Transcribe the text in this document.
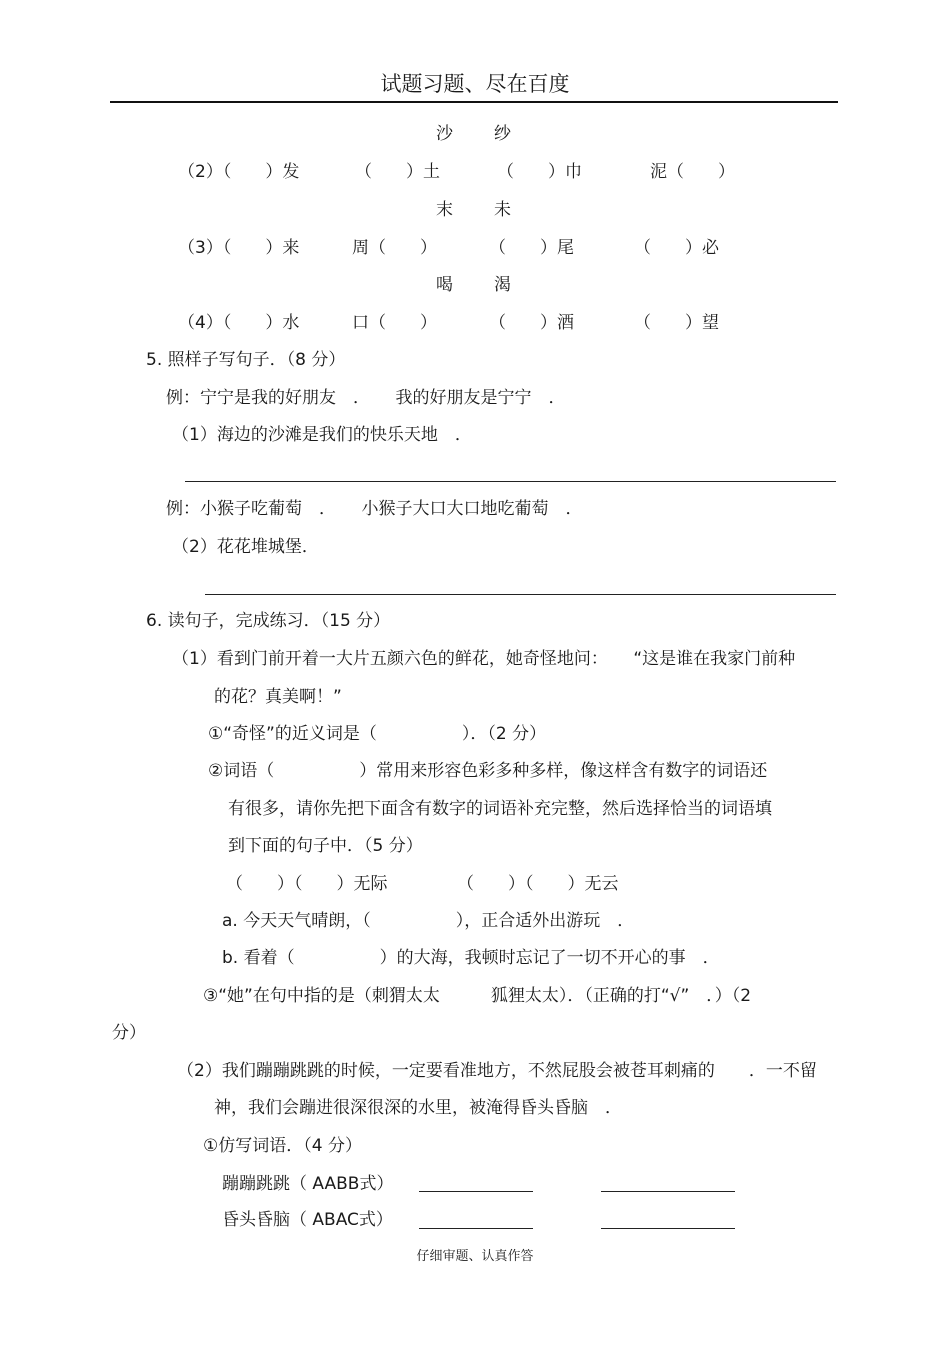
试题习题、尽在百度
沙 纱
（2）（　　）发	（　　）土	（　　）巾	泥（　　）
末 未
（3）（　　）来	周（　　）	（　　）尾	（　　）必
喝 渴
（4）（　　）水	口（　　）	（　　）酒	（　　）望
5. 照样子写句子．（8 分）
例：宁宁是我的好朋友　．　　我的好朋友是宁宁　．
（1）海边的沙滩是我们的快乐天地　．
例：小猴子吃葡萄　．　　小猴子大口大口地吃葡萄　．
（2）花花堆城堡．
6. 读句子，完成练习．（15 分）
（1）看到门前开着一大片五颜六色的鲜花，她奇怪地问：　　“这是谁在我家门前种
的花？真美啊！”
①“奇怪”的近义词是（　　　　　）．（2 分）
②词语（　　　　　）常用来形容色彩多种多样，像这样含有数字的词语还
有很多，请你先把下面含有数字的词语补充完整，然后选择恰当的词语填
到下面的句子中．（5 分）
（　　）（　　）无际	（　　）（　　）无云
a. 今天天气晴朗，（　　　　　），正合适外出游玩　．
b. 看着（　　　　　）的大海，我顿时忘记了一切不开心的事　．
③“她”在句中指的是（刺猬太太　　　狐狸太太）．（正确的打“√”　．）（2
分）
（2）我们蹦蹦跳跳的时候，一定要看准地方，不然屁股会被苍耳刺痛的　　．一不留
神，我们会蹦进很深很深的水里，被淹得昏头昏脑　．
①仿写词语．（4 分）
蹦蹦跳跳（ AABB式）
昏头昏脑（ ABAC式）
仔细审题、认真作答
